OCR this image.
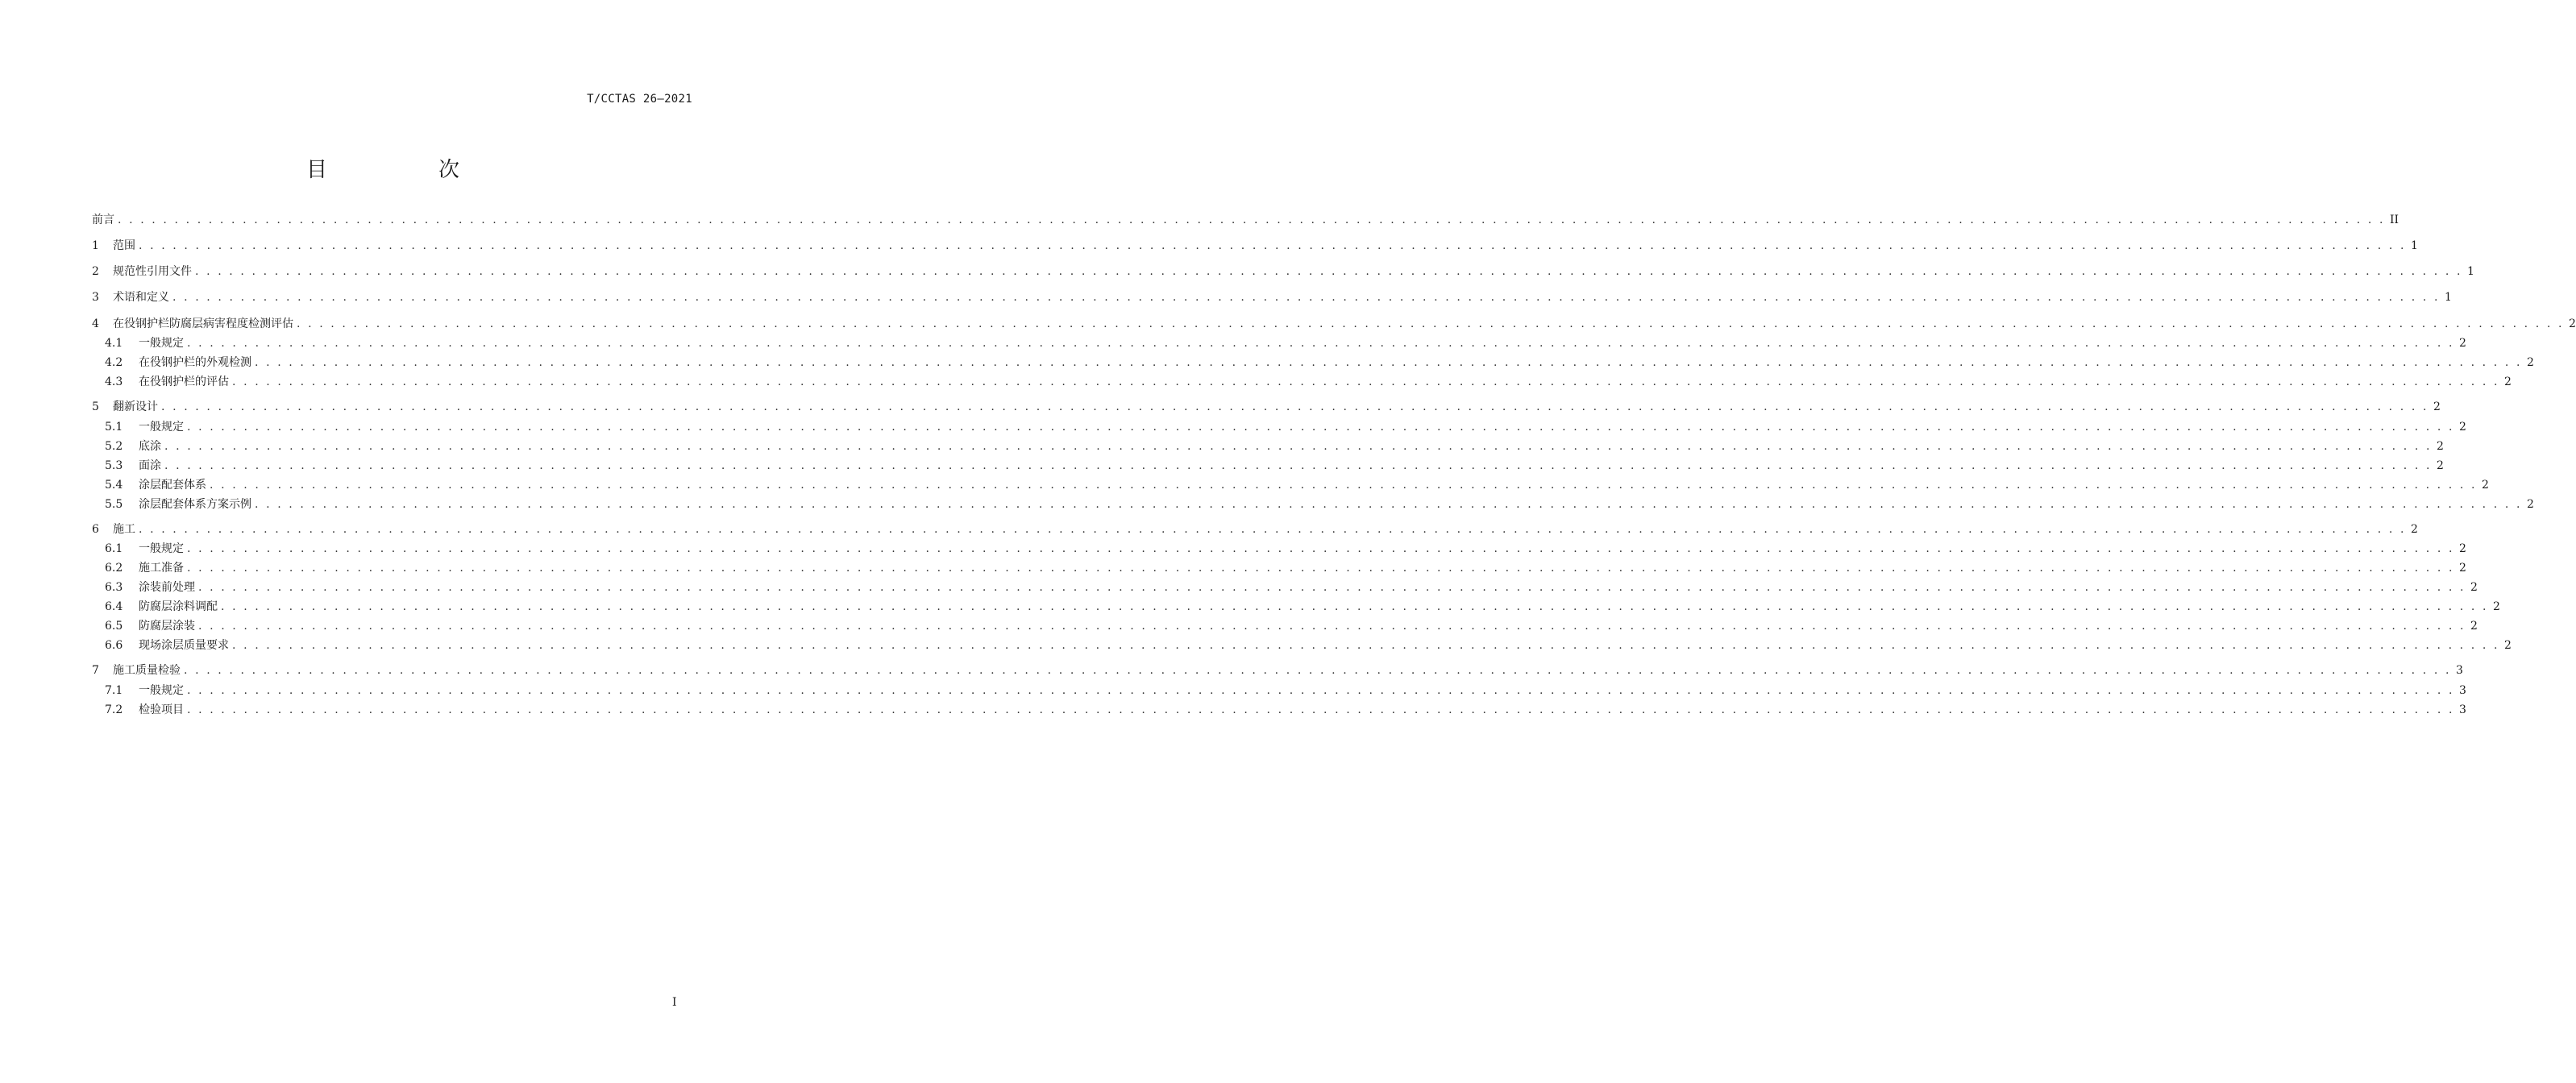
T/CCTAS 26—2021
目　次
前言 . . . . . . . . . . . . . . . . . . . . . . . . . . . . . . . . . . . . . . . . . . . . . . . . . . . . . . . . . . . . . . . . . . . . . . . . . . . . . . . . . . . . . . . . . . . . . . . . . . . . . . . . . . . . . . . . . . . . . . . . . . . . . . . . . . . . . . . . . . . . . . . . . . . . . . . . . . . . . . . . . . . . . . . . . . . . . . . . . . . . . . . . . . . . . . . . . . . . . . . . II
1 范围 . . . . . . . . . . . . . . . . . . . . . . . . . . . . . . . . . . . . . . . . . . . . . . . . . . . . . . . . . . . . . . . . . . . . . . . . . . . . . . . . . . . . . . . . . . . . . . . . . . . . . . . . . . . . . . . . . . . . . . . . . . . . . . . . . . . . . . . . . . . . . . . . . . . . . . . . . . . . . . . . . . . . . . . . . . . . . . . . . . . . . . . . . . . . . . . . . . . . . . . . 1
2 规范性引用文件 . . . . . . . . . . . . . . . . . . . . . . . . . . . . . . . . . . . . . . . . . . . . . . . . . . . . . . . . . . . . . . . . . . . . . . . . . . . . . . . . . . . . . . . . . . . . . . . . . . . . . . . . . . . . . . . . . . . . . . . . . . . . . . . . . . . . . . . . . . . . . . . . . . . . . . . . . . . . . . . . . . . . . . . . . . . . . . . . . . . . . . . . . . . . . . . . . . . . . . . . 1
3 术语和定义 . . . . . . . . . . . . . . . . . . . . . . . . . . . . . . . . . . . . . . . . . . . . . . . . . . . . . . . . . . . . . . . . . . . . . . . . . . . . . . . . . . . . . . . . . . . . . . . . . . . . . . . . . . . . . . . . . . . . . . . . . . . . . . . . . . . . . . . . . . . . . . . . . . . . . . . . . . . . . . . . . . . . . . . . . . . . . . . . . . . . . . . . . . . . . . . . . . . . . . . . 1
4 在役钢护栏防腐层病害程度检测评估 . . . . . . . . . . . . . . . . . . . . . . . . . . . . . . . . . . . . . . . . . . . . . . . . . . . . . . . . . . . . . . . . . . . . . . . . . . . . . . . . . . . . . . . . . . . . . . . . . . . . . . . . . . . . . . . . . . . . . . . . . . . . . . . . . . . . . . . . . . . . . . . . . . . . . . . . . . . . . . . . . . . . . . . . . . . . . . . . . . . . . . . . . . . . . . . . . . . . . . . . 2
4.1 一般规定 . . . . . . . . . . . . . . . . . . . . . . . . . . . . . . . . . . . . . . . . . . . . . . . . . . . . . . . . . . . . . . . . . . . . . . . . . . . . . . . . . . . . . . . . . . . . . . . . . . . . . . . . . . . . . . . . . . . . . . . . . . . . . . . . . . . . . . . . . . . . . . . . . . . . . . . . . . . . . . . . . . . . . . . . . . . . . . . . . . . . . . . . . . . . . . . . . . . . . . . . 2
4.2 在役钢护栏的外观检测 . . . . . . . . . . . . . . . . . . . . . . . . . . . . . . . . . . . . . . . . . . . . . . . . . . . . . . . . . . . . . . . . . . . . . . . . . . . . . . . . . . . . . . . . . . . . . . . . . . . . . . . . . . . . . . . . . . . . . . . . . . . . . . . . . . . . . . . . . . . . . . . . . . . . . . . . . . . . . . . . . . . . . . . . . . . . . . . . . . . . . . . . . . . . . . . . . . . . . . . . 2
4.3 在役钢护栏的评估 . . . . . . . . . . . . . . . . . . . . . . . . . . . . . . . . . . . . . . . . . . . . . . . . . . . . . . . . . . . . . . . . . . . . . . . . . . . . . . . . . . . . . . . . . . . . . . . . . . . . . . . . . . . . . . . . . . . . . . . . . . . . . . . . . . . . . . . . . . . . . . . . . . . . . . . . . . . . . . . . . . . . . . . . . . . . . . . . . . . . . . . . . . . . . . . . . . . . . . . . 2
5 翻新设计 . . . . . . . . . . . . . . . . . . . . . . . . . . . . . . . . . . . . . . . . . . . . . . . . . . . . . . . . . . . . . . . . . . . . . . . . . . . . . . . . . . . . . . . . . . . . . . . . . . . . . . . . . . . . . . . . . . . . . . . . . . . . . . . . . . . . . . . . . . . . . . . . . . . . . . . . . . . . . . . . . . . . . . . . . . . . . . . . . . . . . . . . . . . . . . . . . . . . . . . . 2
5.1 一般规定 . . . . . . . . . . . . . . . . . . . . . . . . . . . . . . . . . . . . . . . . . . . . . . . . . . . . . . . . . . . . . . . . . . . . . . . . . . . . . . . . . . . . . . . . . . . . . . . . . . . . . . . . . . . . . . . . . . . . . . . . . . . . . . . . . . . . . . . . . . . . . . . . . . . . . . . . . . . . . . . . . . . . . . . . . . . . . . . . . . . . . . . . . . . . . . . . . . . . . . . . 2
5.2 底涂 . . . . . . . . . . . . . . . . . . . . . . . . . . . . . . . . . . . . . . . . . . . . . . . . . . . . . . . . . . . . . . . . . . . . . . . . . . . . . . . . . . . . . . . . . . . . . . . . . . . . . . . . . . . . . . . . . . . . . . . . . . . . . . . . . . . . . . . . . . . . . . . . . . . . . . . . . . . . . . . . . . . . . . . . . . . . . . . . . . . . . . . . . . . . . . . . . . . . . . . . 2
5.3 面涂 . . . . . . . . . . . . . . . . . . . . . . . . . . . . . . . . . . . . . . . . . . . . . . . . . . . . . . . . . . . . . . . . . . . . . . . . . . . . . . . . . . . . . . . . . . . . . . . . . . . . . . . . . . . . . . . . . . . . . . . . . . . . . . . . . . . . . . . . . . . . . . . . . . . . . . . . . . . . . . . . . . . . . . . . . . . . . . . . . . . . . . . . . . . . . . . . . . . . . . . . 2
5.4 涂层配套体系 . . . . . . . . . . . . . . . . . . . . . . . . . . . . . . . . . . . . . . . . . . . . . . . . . . . . . . . . . . . . . . . . . . . . . . . . . . . . . . . . . . . . . . . . . . . . . . . . . . . . . . . . . . . . . . . . . . . . . . . . . . . . . . . . . . . . . . . . . . . . . . . . . . . . . . . . . . . . . . . . . . . . . . . . . . . . . . . . . . . . . . . . . . . . . . . . . . . . . . . . 2
5.5 涂层配套体系方案示例 . . . . . . . . . . . . . . . . . . . . . . . . . . . . . . . . . . . . . . . . . . . . . . . . . . . . . . . . . . . . . . . . . . . . . . . . . . . . . . . . . . . . . . . . . . . . . . . . . . . . . . . . . . . . . . . . . . . . . . . . . . . . . . . . . . . . . . . . . . . . . . . . . . . . . . . . . . . . . . . . . . . . . . . . . . . . . . . . . . . . . . . . . . . . . . . . . . . . . . . . 2
6 施工 . . . . . . . . . . . . . . . . . . . . . . . . . . . . . . . . . . . . . . . . . . . . . . . . . . . . . . . . . . . . . . . . . . . . . . . . . . . . . . . . . . . . . . . . . . . . . . . . . . . . . . . . . . . . . . . . . . . . . . . . . . . . . . . . . . . . . . . . . . . . . . . . . . . . . . . . . . . . . . . . . . . . . . . . . . . . . . . . . . . . . . . . . . . . . . . . . . . . . . . . 2
6.1 一般规定 . . . . . . . . . . . . . . . . . . . . . . . . . . . . . . . . . . . . . . . . . . . . . . . . . . . . . . . . . . . . . . . . . . . . . . . . . . . . . . . . . . . . . . . . . . . . . . . . . . . . . . . . . . . . . . . . . . . . . . . . . . . . . . . . . . . . . . . . . . . . . . . . . . . . . . . . . . . . . . . . . . . . . . . . . . . . . . . . . . . . . . . . . . . . . . . . . . . . . . . . 2
6.2 施工准备 . . . . . . . . . . . . . . . . . . . . . . . . . . . . . . . . . . . . . . . . . . . . . . . . . . . . . . . . . . . . . . . . . . . . . . . . . . . . . . . . . . . . . . . . . . . . . . . . . . . . . . . . . . . . . . . . . . . . . . . . . . . . . . . . . . . . . . . . . . . . . . . . . . . . . . . . . . . . . . . . . . . . . . . . . . . . . . . . . . . . . . . . . . . . . . . . . . . . . . . . 2
6.3 涂装前处理 . . . . . . . . . . . . . . . . . . . . . . . . . . . . . . . . . . . . . . . . . . . . . . . . . . . . . . . . . . . . . . . . . . . . . . . . . . . . . . . . . . . . . . . . . . . . . . . . . . . . . . . . . . . . . . . . . . . . . . . . . . . . . . . . . . . . . . . . . . . . . . . . . . . . . . . . . . . . . . . . . . . . . . . . . . . . . . . . . . . . . . . . . . . . . . . . . . . . . . . . 2
6.4 防腐层涂料调配 . . . . . . . . . . . . . . . . . . . . . . . . . . . . . . . . . . . . . . . . . . . . . . . . . . . . . . . . . . . . . . . . . . . . . . . . . . . . . . . . . . . . . . . . . . . . . . . . . . . . . . . . . . . . . . . . . . . . . . . . . . . . . . . . . . . . . . . . . . . . . . . . . . . . . . . . . . . . . . . . . . . . . . . . . . . . . . . . . . . . . . . . . . . . . . . . . . . . . . . . 2
6.5 防腐层涂装 . . . . . . . . . . . . . . . . . . . . . . . . . . . . . . . . . . . . . . . . . . . . . . . . . . . . . . . . . . . . . . . . . . . . . . . . . . . . . . . . . . . . . . . . . . . . . . . . . . . . . . . . . . . . . . . . . . . . . . . . . . . . . . . . . . . . . . . . . . . . . . . . . . . . . . . . . . . . . . . . . . . . . . . . . . . . . . . . . . . . . . . . . . . . . . . . . . . . . . . . 2
6.6 现场涂层质量要求 . . . . . . . . . . . . . . . . . . . . . . . . . . . . . . . . . . . . . . . . . . . . . . . . . . . . . . . . . . . . . . . . . . . . . . . . . . . . . . . . . . . . . . . . . . . . . . . . . . . . . . . . . . . . . . . . . . . . . . . . . . . . . . . . . . . . . . . . . . . . . . . . . . . . . . . . . . . . . . . . . . . . . . . . . . . . . . . . . . . . . . . . . . . . . . . . . . . . . . . . 2
7 施工质量检验 . . . . . . . . . . . . . . . . . . . . . . . . . . . . . . . . . . . . . . . . . . . . . . . . . . . . . . . . . . . . . . . . . . . . . . . . . . . . . . . . . . . . . . . . . . . . . . . . . . . . . . . . . . . . . . . . . . . . . . . . . . . . . . . . . . . . . . . . . . . . . . . . . . . . . . . . . . . . . . . . . . . . . . . . . . . . . . . . . . . . . . . . . . . . . . . . . . . . . . . . 3
7.1 一般规定 . . . . . . . . . . . . . . . . . . . . . . . . . . . . . . . . . . . . . . . . . . . . . . . . . . . . . . . . . . . . . . . . . . . . . . . . . . . . . . . . . . . . . . . . . . . . . . . . . . . . . . . . . . . . . . . . . . . . . . . . . . . . . . . . . . . . . . . . . . . . . . . . . . . . . . . . . . . . . . . . . . . . . . . . . . . . . . . . . . . . . . . . . . . . . . . . . . . . . . . . 3
7.2 检验项目 . . . . . . . . . . . . . . . . . . . . . . . . . . . . . . . . . . . . . . . . . . . . . . . . . . . . . . . . . . . . . . . . . . . . . . . . . . . . . . . . . . . . . . . . . . . . . . . . . . . . . . . . . . . . . . . . . . . . . . . . . . . . . . . . . . . . . . . . . . . . . . . . . . . . . . . . . . . . . . . . . . . . . . . . . . . . . . . . . . . . . . . . . . . . . . . . . . . . . . . . 3
I
